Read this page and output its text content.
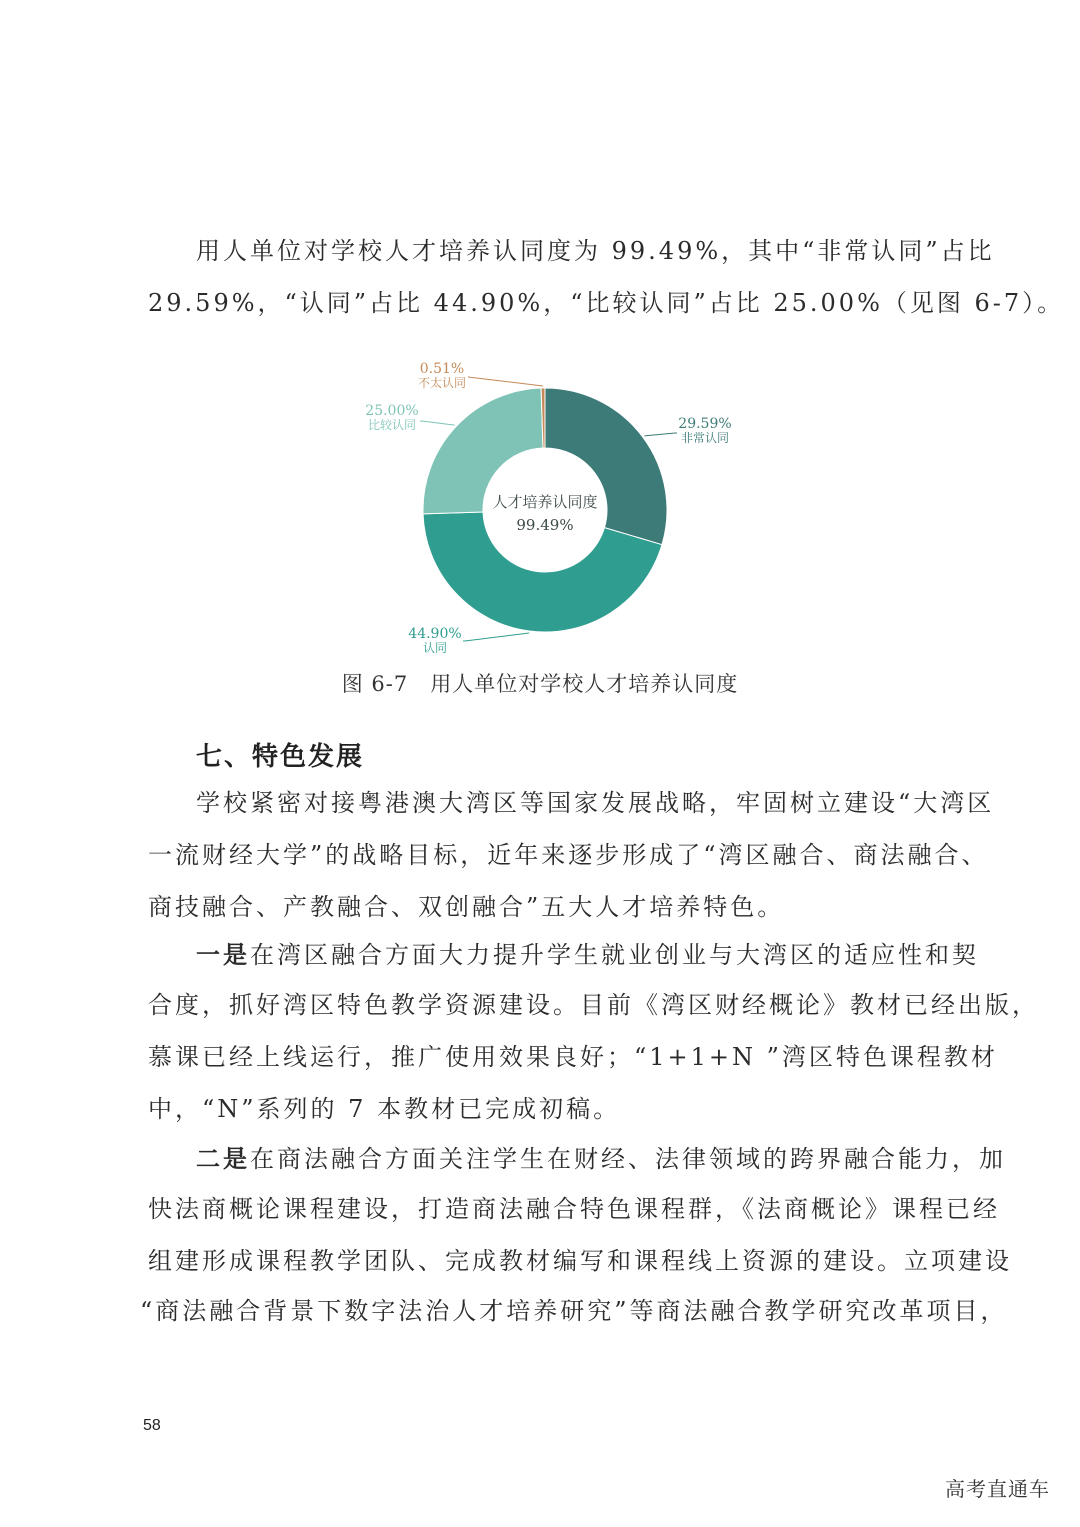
用人单位对学校人才培养认同度为 99.49%，其中“非常认同”占比
29.59%，“认同”占比 44.90%，“比较认同”占比 25.00%（见图 6-7）。
人才培养认同度
99.49%
29.59%
非常认同
44.90%
认同
25.00%
比较认同
0.51%
不太认同
图 6-7　用人单位对学校人才培养认同度
七、特色发展
学校紧密对接粤港澳大湾区等国家发展战略，牢固树立建设“大湾区
一流财经大学”的战略目标，近年来逐步形成了“湾区融合、商法融合、
商技融合、产教融合、双创融合”五大人才培养特色。
一是在湾区融合方面大力提升学生就业创业与大湾区的适应性和契
合度，抓好湾区特色教学资源建设。目前《湾区财经概论》教材已经出版，
慕课已经上线运行，推广使用效果良好；“1+1+N ”湾区特色课程教材
中，“N”系列的 7 本教材已完成初稿。
二是在商法融合方面关注学生在财经、法律领域的跨界融合能力，加
快法商概论课程建设，打造商法融合特色课程群，《法商概论》课程已经
组建形成课程教学团队、完成教材编写和课程线上资源的建设。立项建设
“商法融合背景下数字法治人才培养研究”等商法融合教学研究改革项目，
58
高考直通车
